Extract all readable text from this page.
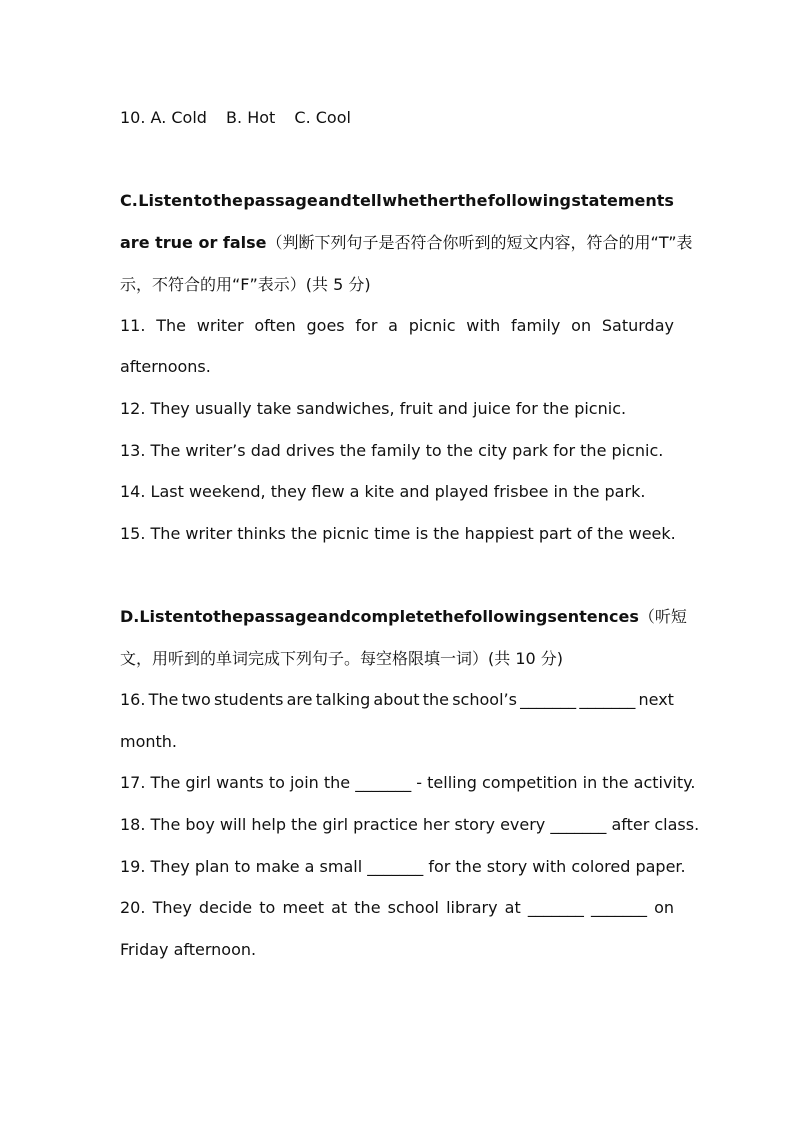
10. A. Cold B. Hot C. Cool
C. Listen to the passage and tell whether the following statements
are true or false（判断下列句子是否符合你听到的短文内容，符合的用“T”表
示，不符合的用“F”表示）(共 5 分)
11. The writer often goes for a picnic with family on Saturday
afternoons.
12. They usually take sandwiches, fruit and juice for the picnic.
13. The writer’s dad drives the family to the city park for the picnic.
14. Last weekend, they flew a kite and played frisbee in the park.
15. The writer thinks the picnic time is the happiest part of the week.
D. Listen to the passage and complete the following sentences （听短
文，用听到的单词完成下列句子。每空格限填一词）(共 10 分)
16. The two students are talking about the school’s _______ _______ next
month.
17. The girl wants to join the _______ - telling competition in the activity.
18. The boy will help the girl practice her story every _______ after class.
19. They plan to make a small _______ for the story with colored paper.
20. They decide to meet at the school library at _______ _______ on
Friday afternoon.
